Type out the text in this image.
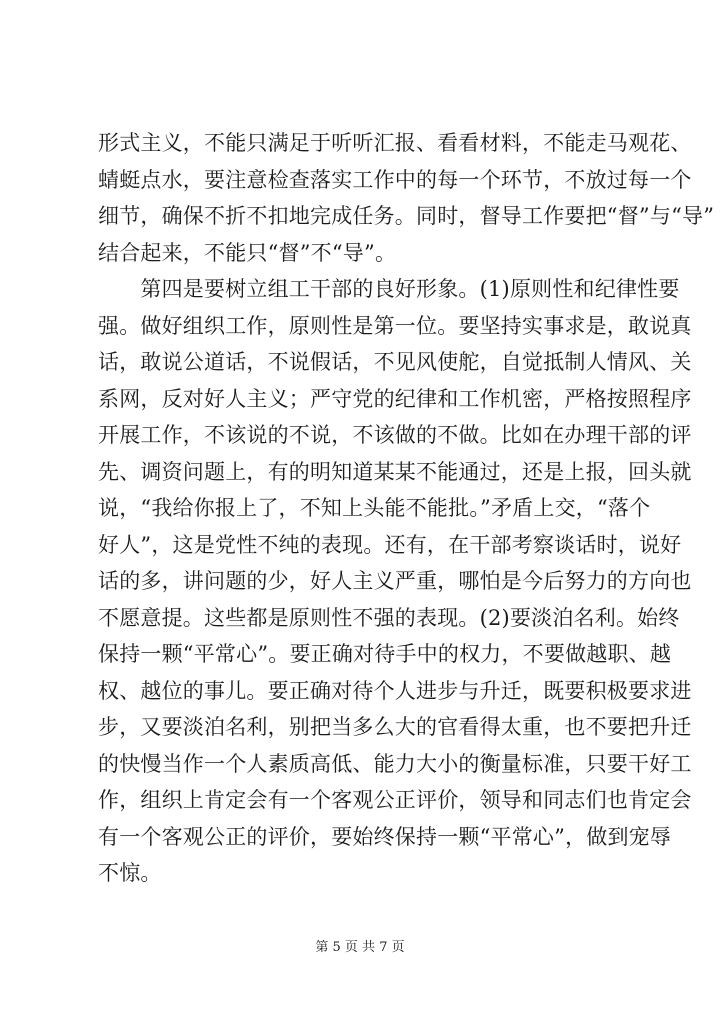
形式主义，不能只满足于听听汇报、看看材料，不能走马观花、
蜻蜓点水，要注意检查落实工作中的每一个环节，不放过每一个
细节，确保不折不扣地完成任务。同时，督导工作要把“督”与“导”
结合起来，不能只“督”不“导”。
　　第四是要树立组工干部的良好形象。(1)原则性和纪律性要
强。做好组织工作，原则性是第一位。要坚持实事求是，敢说真
话，敢说公道话，不说假话，不见风使舵，自觉抵制人情风、关
系网，反对好人主义；严守党的纪律和工作机密，严格按照程序
开展工作，不该说的不说，不该做的不做。比如在办理干部的评
先、调资问题上，有的明知道某某不能通过，还是上报，回头就
说，“我给你报上了，不知上头能不能批。”矛盾上交，“落个
好人”，这是党性不纯的表现。还有，在干部考察谈话时，说好
话的多，讲问题的少，好人主义严重，哪怕是今后努力的方向也
不愿意提。这些都是原则性不强的表现。(2)要淡泊名利。始终
保持一颗“平常心”。要正确对待手中的权力，不要做越职、越
权、越位的事儿。要正确对待个人进步与升迁，既要积极要求进
步，又要淡泊名利，别把当多么大的官看得太重，也不要把升迁
的快慢当作一个人素质高低、能力大小的衡量标准，只要干好工
作，组织上肯定会有一个客观公正评价，领导和同志们也肯定会
有一个客观公正的评价，要始终保持一颗“平常心”，做到宠辱
不惊。
第 5 页 共 7 页
